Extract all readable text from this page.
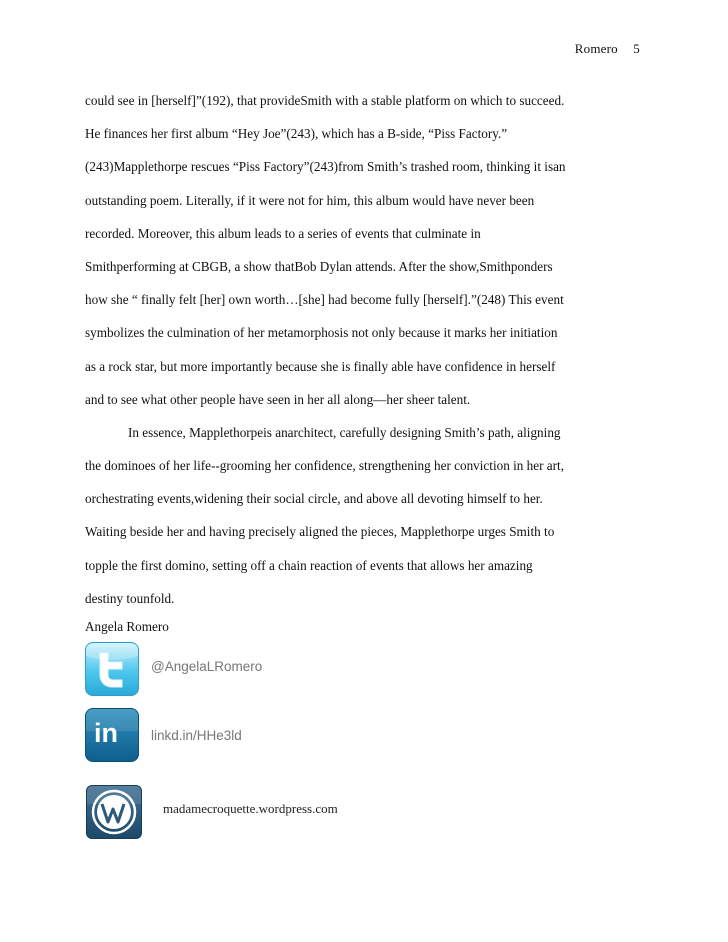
Romero 5
could see in [herself]”(192), that provideSmith with a stable platform on which to succeed.
He finances her first album “Hey Joe”(243), which has a B-side, “Piss Factory.”
(243)Mapplethorpe rescues “Piss Factory”(243)from Smith’s trashed room, thinking it isan
outstanding poem. Literally, if it were not for him, this album would have never been
recorded. Moreover, this album leads to a series of events that culminate in
Smithperforming at CBGB, a show thatBob Dylan attends. After the show,Smithponders
how she “ finally felt [her] own worth…[she] had become fully [herself].”(248) This event
symbolizes the culmination of her metamorphosis not only because it marks her initiation
as a rock star, but more importantly because she is finally able have confidence in herself
and to see what other people have seen in her all along—her sheer talent.
In essence, Mapplethorpeis anarchitect, carefully designing Smith’s path, aligning
the dominoes of her life--grooming her confidence, strengthening her conviction in her art,
orchestrating events,widening their social circle, and above all devoting himself to her.
Waiting beside her and having precisely aligned the pieces, Mapplethorpe urges Smith to
topple the first domino, setting off a chain reaction of events that allows her amazing
destiny tounfold.
Angela Romero
@AngelaLRomero
in linkd.in/HHe3ld
madamecroquette.wordpress.com
